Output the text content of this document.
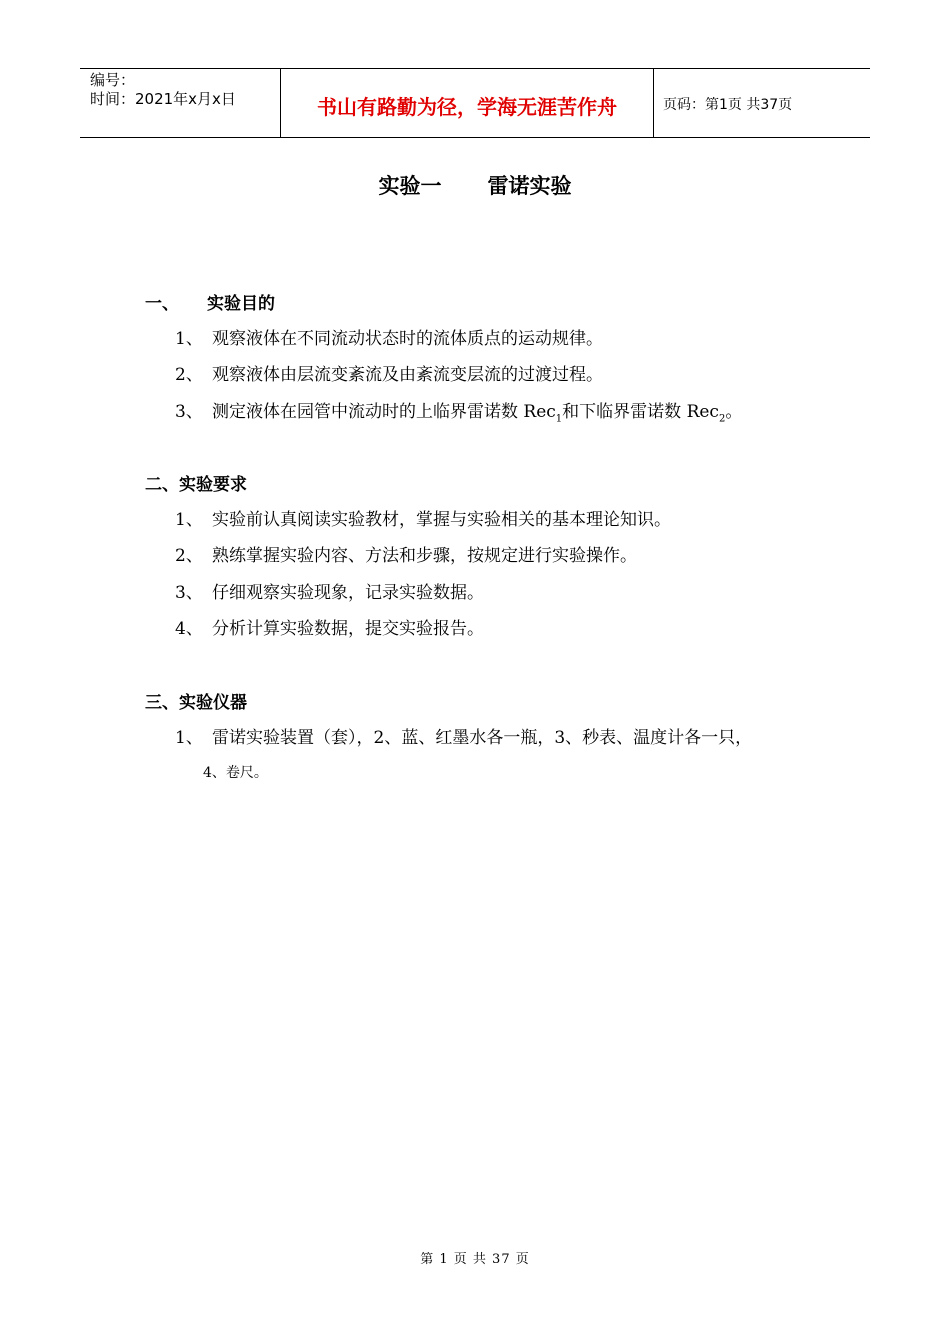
编号：
时间：2021年x月x日	书山有路勤为径，学海无涯苦作舟	页码：第1页 共37页
实验一 雷诺实验
一、 实验目的
1、 观察液体在不同流动状态时的流体质点的运动规律。
2、 观察液体由层流变紊流及由紊流变层流的过渡过程。
3、 测定液体在园管中流动时的上临界雷诺数 Rec$_1$和下临界雷诺数 Rec$_2$。
二、实验要求
1、 实验前认真阅读实验教材，掌握与实验相关的基本理论知识。
2、 熟练掌握实验内容、方法和步骤，按规定进行实验操作。
3、 仔细观察实验现象，记录实验数据。
4、 分析计算实验数据，提交实验报告。
三、实验仪器
1、 雷诺实验装置（套），2、蓝、红墨水各一瓶，3、秒表、温度计各一只，
4、卷尺。
第 1 页 共 37 页
